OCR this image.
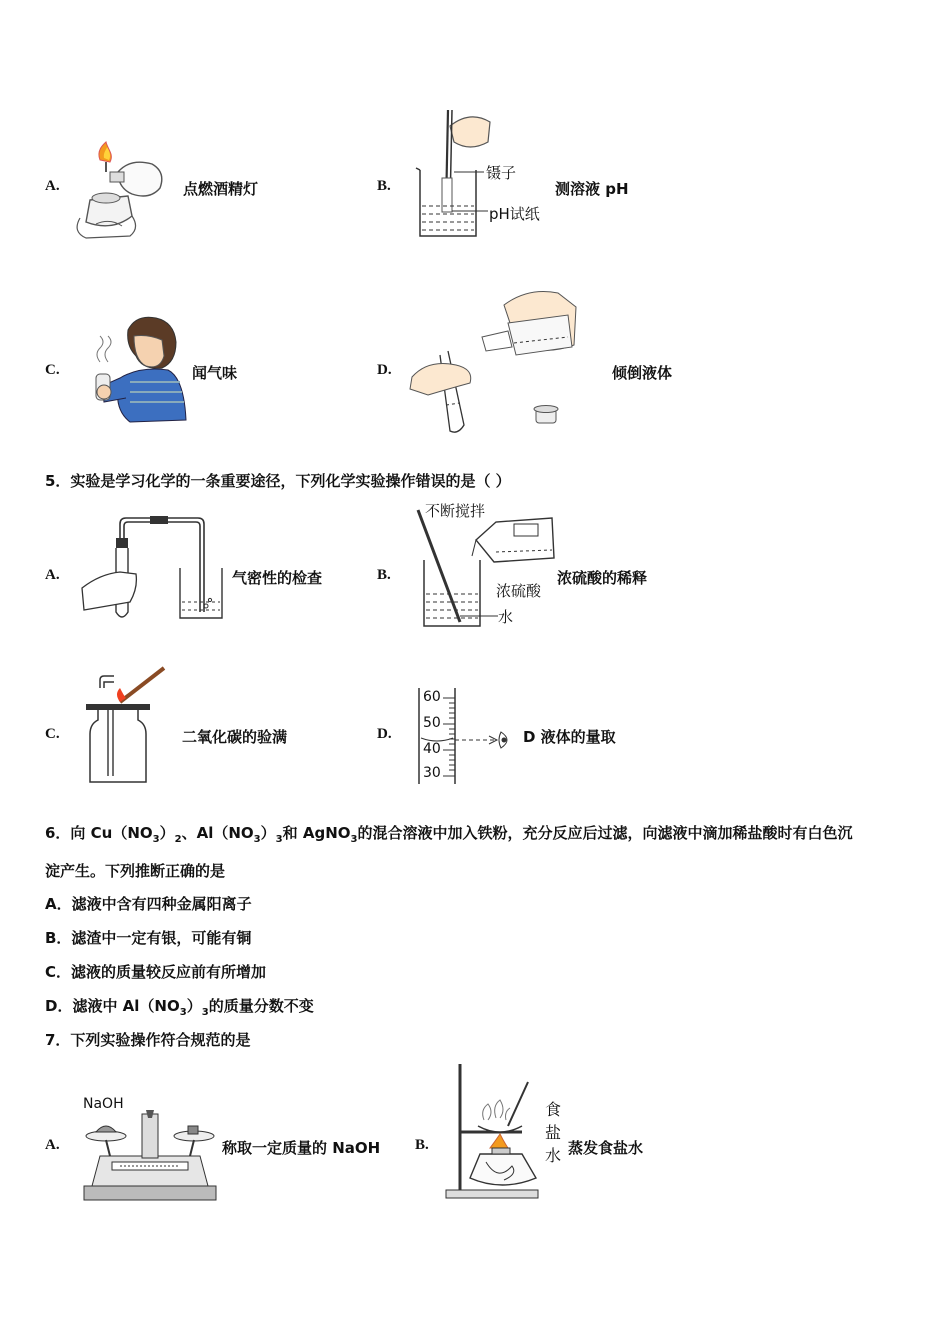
A.	点燃酒精灯	B.
镊子
pH试纸
测溶液 pH
C.	闻气味	D.	倾倒液体
5．实验是学习化学的一条重要途径，下列化学实验操作错误的是（ ）
A.	气密性的检查	B.
不断搅拌
浓硫酸
水
浓硫酸的稀释
C.	二氧化碳的验满	D.
60
50
40
30
D 液体的量取
6．向 $Cu(NO_3)_2$、$Al(NO_3)_3$和 AgNO$_3$的混合溶液中加入铁粉，充分反应后过滤，向滤液中滴加稀盐酸时有白色沉
淀产生。下列推断正确的是
A．滤液中含有四种金属阳离子
B．滤渣中一定有银，可能有铜
C．滤液的质量较反应前有所增加
D．滤液中 $Al(NO_3)_3$的质量分数不变
7．下列实验操作符合规范的是
A.
NaOH
称取一定质量的 NaOH B.
食
盐
水 蒸发食盐水
